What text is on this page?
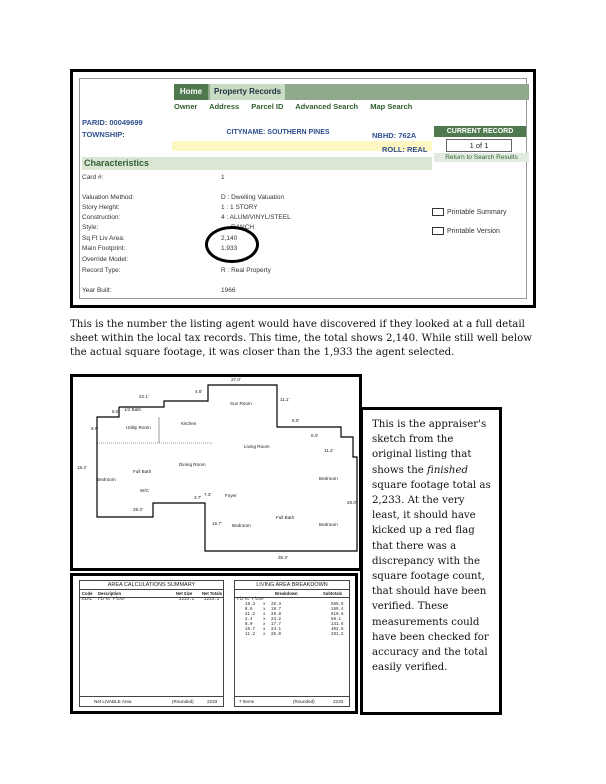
Home	Property Records
Owner Address Parcel ID Advanced Search Map Search
PARID: 00049699
TOWNSHIP:	CITYNAME: SOUTHERN PINES	NBHD: 762A
ROLL: REAL
CURRENT RECORD
1 of 1
Return to Search Results
Characteristics
Card #:	1
Valuation Method:	D : Dwelling Valuation
Story Height:	1 : 1 STORY
Construction:	4 : ALUM/VINYL/STEEL
Style:	RANCH
Sq Ft Liv Area:	2,140
Main Footprint:	1,933
Override Model:
Record Type:	R : Real Property
Year Built:	1966
Printable Summary
Printable Version
This is the number the listing agent would have discovered if they looked at a full detail sheet within the local tax records. This time, the total shows 2,140. While still well below the actual square footage, it was closer than the 1,933 the agent selected.
22.1'
4.5'
27.0'
11.1'
8.0'
9.6'
8.0'
8.0'
11.2'
18.2'
29.3'
7.3'
3.7'
16.7'
28.0'
35.3'
1/2 Bath
Utility Room
Kitchen
Sun Room
Living Room
Full Bath
Bedroom
Dining Room
W/C
Foyer
Bedroom
Full Bath
Bedroom	Bedroom
This is the appraiser's sketch from the original listing that shows the finished square footage total as 2,233. At the very least, it should have kicked up a red flag that there was a discrepancy with the square footage count, that should have been verified. These measurements could have been checked for accuracy and the total easily verified.
AREA CALCULATIONS SUMMARY
Code Description	Net Size Net Totals
GLA1 First Floor	2233.1 2233.1
Net LIVABLE Area	(Rounded)	2233
LIVING AREA BREAKDOWN
Breakdown	Subtotals
First Floor
19.3 x 29.3	565.5
8.6 x 19.7	169.4
21.2 x 28.8	610.6
2.4 x 24.2	58.1
8.0 x 17.7	141.6
16.7 x 24.1	402.5
11.2 x 26.0	291.2
7 Items	(Rounded)	2233
